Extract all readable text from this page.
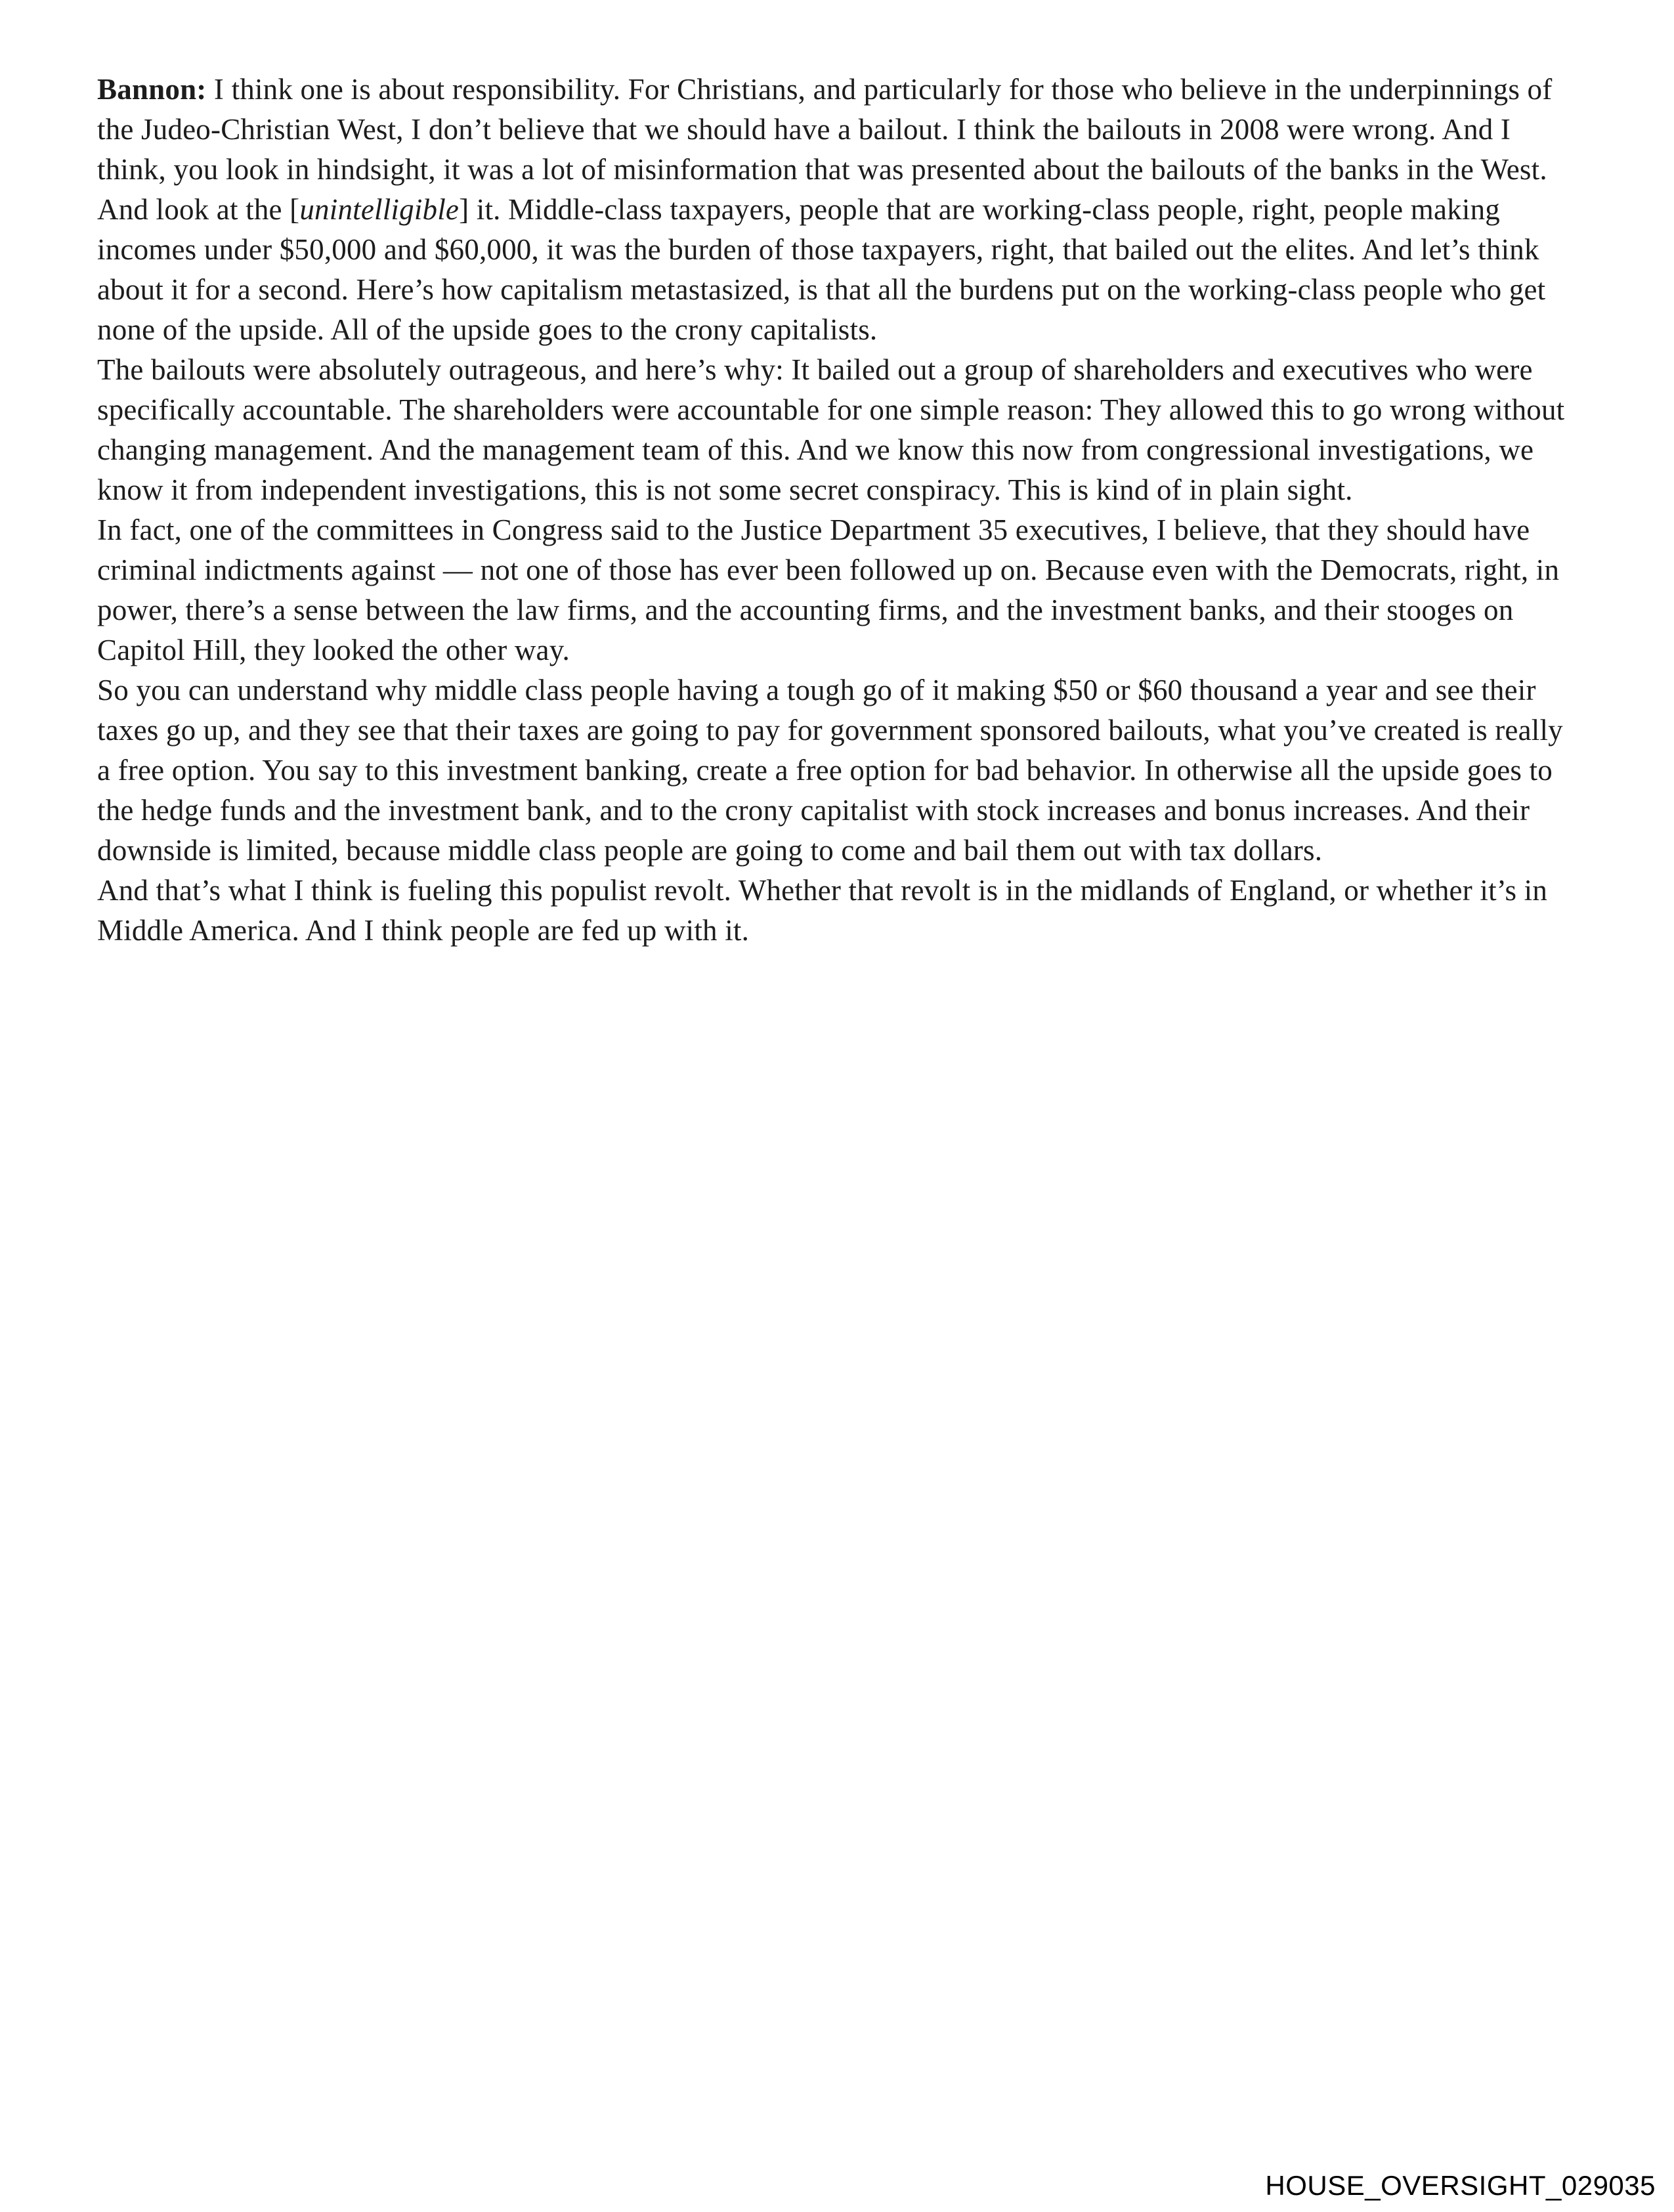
Bannon: I think one is about responsibility. For Christians, and particularly for those who believe in the underpinnings of the Judeo-Christian West, I don’t believe that we should have a bailout. I think the bailouts in 2008 were wrong. And I think, you look in hindsight, it was a lot of misinformation that was presented about the bailouts of the banks in the West.

And look at the [unintelligible] it. Middle-class taxpayers, people that are working-class people, right, people making incomes under $50,000 and $60,000, it was the burden of those taxpayers, right, that bailed out the elites. And let’s think about it for a second. Here’s how capitalism metastasized, is that all the burdens put on the working-class people who get none of the upside. All of the upside goes to the crony capitalists.

The bailouts were absolutely outrageous, and here’s why: It bailed out a group of shareholders and executives who were specifically accountable. The shareholders were accountable for one simple reason: They allowed this to go wrong without changing management. And the management team of this. And we know this now from congressional investigations, we know it from independent investigations, this is not some secret conspiracy. This is kind of in plain sight.

In fact, one of the committees in Congress said to the Justice Department 35 executives, I believe, that they should have criminal indictments against — not one of those has ever been followed up on. Because even with the Democrats, right, in power, there’s a sense between the law firms, and the accounting firms, and the investment banks, and their stooges on Capitol Hill, they looked the other way.

So you can understand why middle class people having a tough go of it making $50 or $60 thousand a year and see their taxes go up, and they see that their taxes are going to pay for government sponsored bailouts, what you’ve created is really a free option. You say to this investment banking, create a free option for bad behavior. In otherwise all the upside goes to the hedge funds and the investment bank, and to the crony capitalist with stock increases and bonus increases. And their downside is limited, because middle class people are going to come and bail them out with tax dollars.

And that’s what I think is fueling this populist revolt. Whether that revolt is in the midlands of England, or whether it’s in Middle America. And I think people are fed up with it.

HOUSE_OVERSIGHT_029035
